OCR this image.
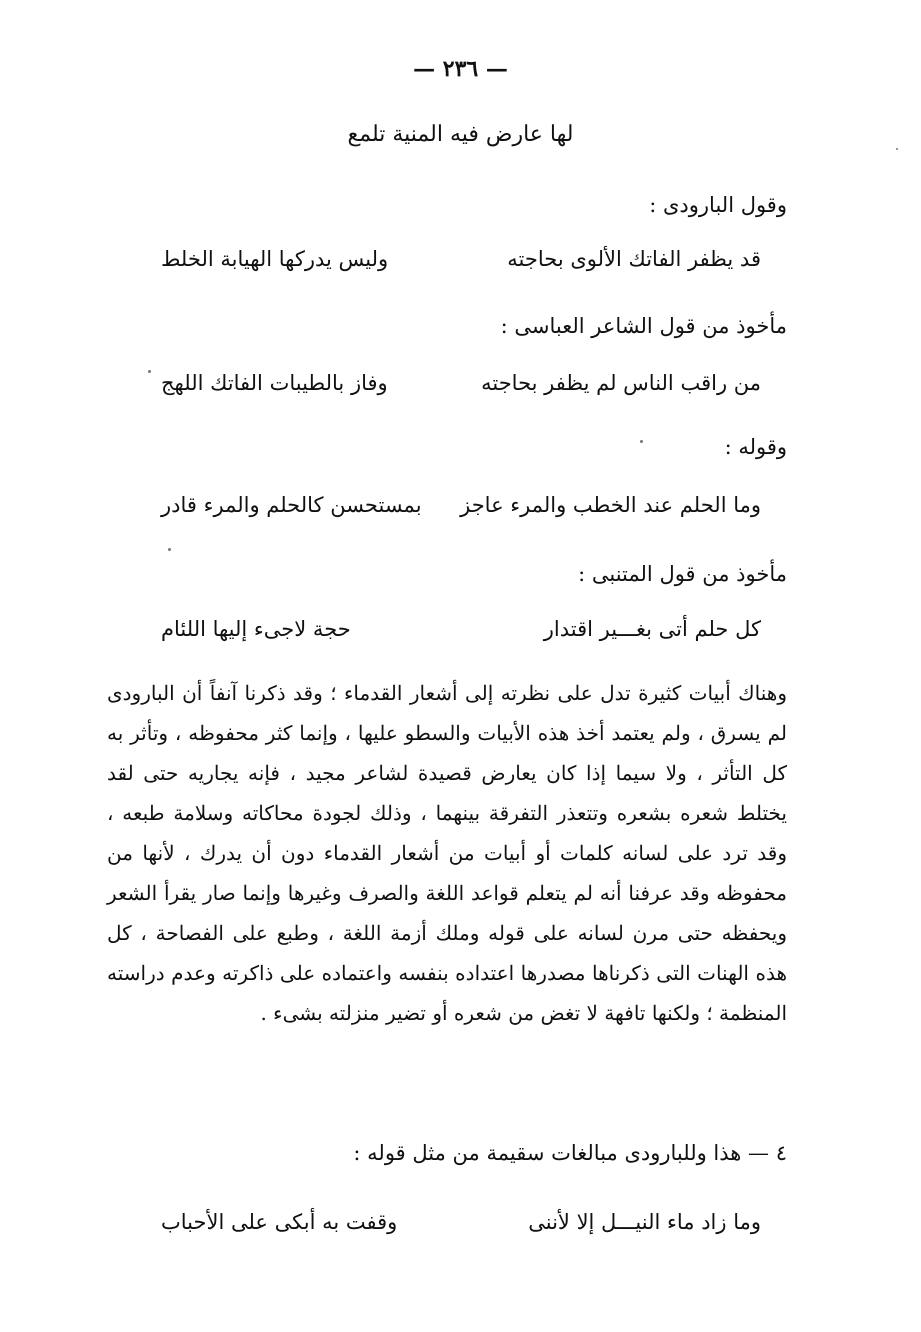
— ٢٣٦ —
لها عارض فيه المنية تلمع
وقول البارودى :
قد يظفر الفاتك الألوى بحاجته
وليس يدركها الهيابة الخلط
مأخوذ من قول الشاعر العباسى :
من راقب الناس لم يظفر بحاجته
وفاز بالطيبات الفاتك اللهج
وقوله :
وما الحلم عند الخطب والمرء عاجز
بمستحسن كالحلم والمرء قادر
مأخوذ من قول المتنبى :
كل حلم أتى بغـــير اقتدار
حجة لاجىء إليها اللئام
وهناك أبيات كثيرة تدل على نظرته إلى أشعار القدماء ؛ وقد ذكرنا آنفاً أن البارودى لم يسرق ، ولم يعتمد أخذ هذه الأبيات والسطو عليها ، وإنما كثر محفوظه ، وتأثر به كل التأثر ، ولا سيما إذا كان يعارض قصيدة لشاعر مجيد ، فإنه يجاريه حتى لقد يختلط شعره بشعره وتتعذر التفرقة بينهما ، وذلك لجودة محاكاته وسلامة طبعه ، وقد ترد على لسانه كلمات أو أبيات من أشعار القدماء دون أن يدرك ، لأنها من محفوظه وقد عرفنا أنه لم يتعلم قواعد اللغة والصرف وغيرها وإنما صار يقرأ الشعر ويحفظه حتى مرن لسانه على قوله وملك أزمة اللغة ، وطبع على الفصاحة ، كل هذه الهنات التى ذكرناها مصدرها اعتداده بنفسه واعتماده على ذاكرته وعدم دراسته المنظمة ؛ ولكنها تافهة لا تغض من شعره أو تضير منزلته بشىء .
٤ — هذا وللبارودى مبالغات سقيمة من مثل قوله :
وما زاد ماء النيـــل إلا لأننى
وقفت به أبكى على الأحباب
